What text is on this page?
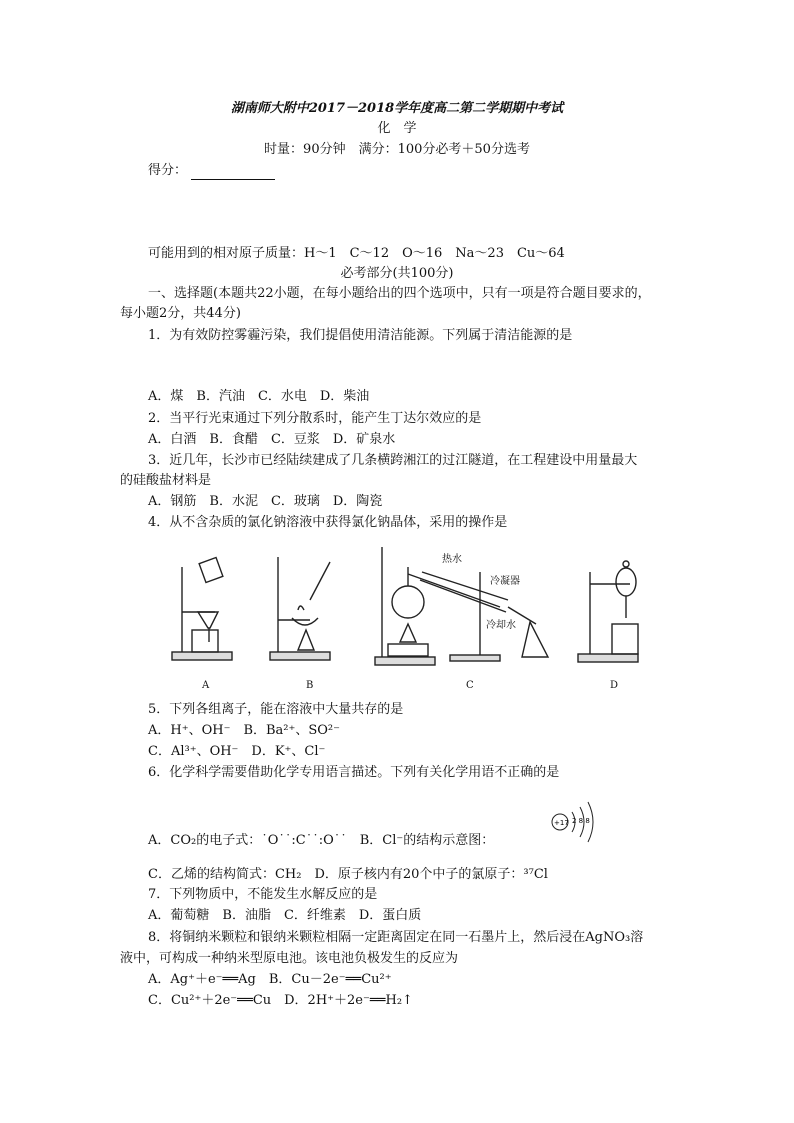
湖南师大附中2017－2018学年度高二第二学期期中考试
化　学
时量：90分钟　满分：100分必考＋50分选考
得分：
可能用到的相对原子质量：H～1　C～12　O～16　Na～23　Cu～64
必考部分(共100分)
一、选择题(本题共22小题，在每小题给出的四个选项中，只有一项是符合题目要求的，
每小题2分，共44分)
1．为有效防控雾霾污染，我们提倡使用清洁能源。下列属于清洁能源的是
A．煤　B．汽油　C．水电　D．柴油
2．当平行光束通过下列分散系时，能产生丁达尔效应的是
A．白酒　B．食醋　C．豆浆　D．矿泉水
3．近几年，长沙市已经陆续建成了几条横跨湘江的过江隧道，在工程建设中用量最大
的硅酸盐材料是
A．钢筋　B．水泥　C．玻璃　D．陶瓷
4．从不含杂质的氯化钠溶液中获得氯化钠晶体，采用的操作是
A	B	C	D
热水
冷凝器
冷却水
5．下列各组离子，能在溶液中大量共存的是
A．H⁺、OH⁻　B．Ba²⁺、SO²⁻
C．Al³⁺、OH⁻　D．K⁺、Cl⁻
6．化学科学需要借助化学专用语言描述。下列有关化学用语不正确的是
A．CO₂的电子式：˙O˙˙:C˙˙:O˙˙　B．Cl⁻的结构示意图：
+17 2 8 8
C．乙烯的结构简式：CH₂　D．原子核内有20个中子的氯原子：³⁷Cl
7．下列物质中，不能发生水解反应的是
A．葡萄糖　B．油脂　C．纤维素　D．蛋白质
8．将铜纳米颗粒和银纳米颗粒相隔一定距离固定在同一石墨片上，然后浸在AgNO₃溶
液中，可构成一种纳米型原电池。该电池负极发生的反应为
A．Ag⁺＋e⁻══Ag　B．Cu－2e⁻══Cu²⁺
C．Cu²⁺＋2e⁻══Cu　D．2H⁺＋2e⁻══H₂↑
